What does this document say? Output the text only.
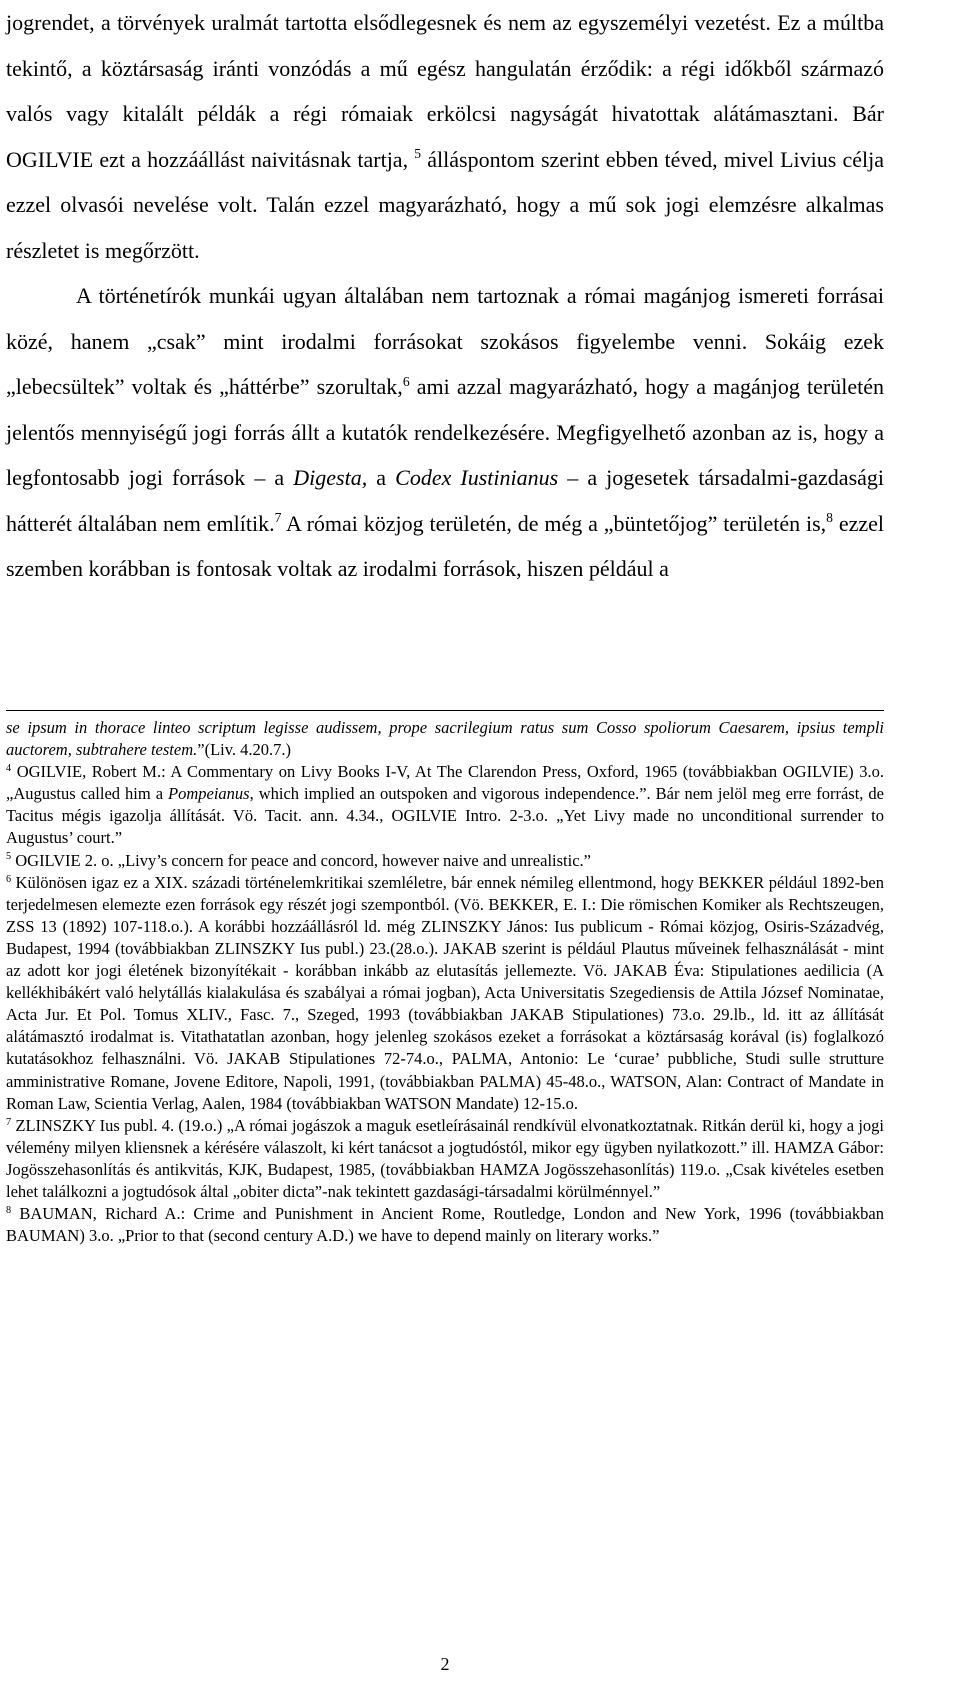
jogrendet, a törvények uralmát tartotta elsődlegesnek és nem az egyszemélyi vezetést. Ez a múltba tekintő, a köztársaság iránti vonzódás a mű egész hangulatán érződik: a régi időkből származó valós vagy kitalált példák a régi rómaiak erkölcsi nagyságát hivatottak alátámasztani. Bár OGILVIE ezt a hozzáállást naivitásnak tartja, $^5$ álláspontom szerint ebben téved, mivel Livius célja ezzel olvasói nevelése volt. Talán ezzel magyarázható, hogy a mű sok jogi elemzésre alkalmas részletet is megőrzött.

A történetírók munkái ugyan általában nem tartoznak a római magánjog ismereti forrásai közé, hanem „csak” mint irodalmi forrásokat szokásos figyelembe venni. Sokáig ezek „lebecsültek” voltak és „háttérbe” szorultak,$^6$ ami azzal magyarázható, hogy a magánjog területén jelentős mennyiségű jogi forrás állt a kutatók rendelkezésére. Megfigyelhető azonban az is, hogy a legfontosabb jogi források – a Digesta, a Codex Iustinianus – a jogesetek társadalmi-gazdasági hátterét általában nem említik.$^7$ A római közjog területén, de még a „büntetőjog” területén is,$^8$ ezzel szemben korábban is fontosak voltak az irodalmi források, hiszen például a

se ipsum in thorace linteo scriptum legisse audissem, prope sacrilegium ratus sum Cosso spoliorum Caesarem, ipsius templi auctorem, subtrahere testem.”(Liv. 4.20.7.)

$^4$ OGILVIE, Robert M.: A Commentary on Livy Books I-V, At The Clarendon Press, Oxford, 1965 (továbbiakban OGILVIE) 3.o. „Augustus called him a Pompeianus, which implied an outspoken and vigorous independence.”. Bár nem jelöl meg erre forrást, de Tacitus mégis igazolja állítását. Vö. Tacit. ann. 4.34., OGILVIE Intro. 2-3.o. „Yet Livy made no unconditional surrender to Augustus’ court.”

$^5$ OGILVIE 2. o. „Livy’s concern for peace and concord, however naive and unrealistic.”

$^6$ Különösen igaz ez a XIX. századi történelemkritikai szemléletre, bár ennek némileg ellentmond, hogy BEKKER például 1892-ben terjedelmesen elemezte ezen források egy részét jogi szempontból. (Vö. BEKKER, E. I.: Die römischen Komiker als Rechtszeugen, ZSS 13 (1892) 107-118.o.). A korábbi hozzáállásról ld. még ZLINSZKY János: Ius publicum - Római közjog, Osiris-Századvég, Budapest, 1994 (továbbiakban ZLINSZKY Ius publ.) 23.(28.o.). JAKAB szerint is például Plautus műveinek felhasználását - mint az adott kor jogi életének bizonyítékait - korábban inkább az elutasítás jellemezte. Vö. JAKAB Éva: Stipulationes aedilicia (A kellékhibákért való helytállás kialakulása és szabályai a római jogban), Acta Universitatis Szegediensis de Attila József Nominatae, Acta Jur. Et Pol. Tomus XLIV., Fasc. 7., Szeged, 1993 (továbbiakban JAKAB Stipulationes) 73.o. 29.lb., ld. itt az állítását alátámasztó irodalmat is. Vitathatatlan azonban, hogy jelenleg szokásos ezeket a forrásokat a köztársaság korával (is) foglalkozó kutatásokhoz felhasználni. Vö. JAKAB Stipulationes 72-74.o., PALMA, Antonio: Le ‘curae’ pubbliche, Studi sulle strutture amministrative Romane, Jovene Editore, Napoli, 1991, (továbbiakban PALMA) 45-48.o., WATSON, Alan: Contract of Mandate in Roman Law, Scientia Verlag, Aalen, 1984 (továbbiakban WATSON Mandate) 12-15.o.

$^7$ ZLINSZKY Ius publ. 4. (19.o.) „A római jogászok a maguk esetleírásainál rendkívül elvonatkoztatnak. Ritkán derül ki, hogy a jogi vélemény milyen kliensnek a kérésére válaszolt, ki kért tanácsot a jogtudóstól, mikor egy ügyben nyilatkozott.” ill. HAMZA Gábor: Jogösszehasonlítás és antikvitás, KJK, Budapest, 1985, (továbbiakban HAMZA Jogösszehasonlítás) 119.o. „Csak kivételes esetben lehet találkozni a jogtudósok által „obiter dicta”-nak tekintett gazdasági-társadalmi körülménnyel.”

$^8$ BAUMAN, Richard A.: Crime and Punishment in Ancient Rome, Routledge, London and New York, 1996 (továbbiakban BAUMAN) 3.o. „Prior to that (second century A.D.) we have to depend mainly on literary works.”

2
